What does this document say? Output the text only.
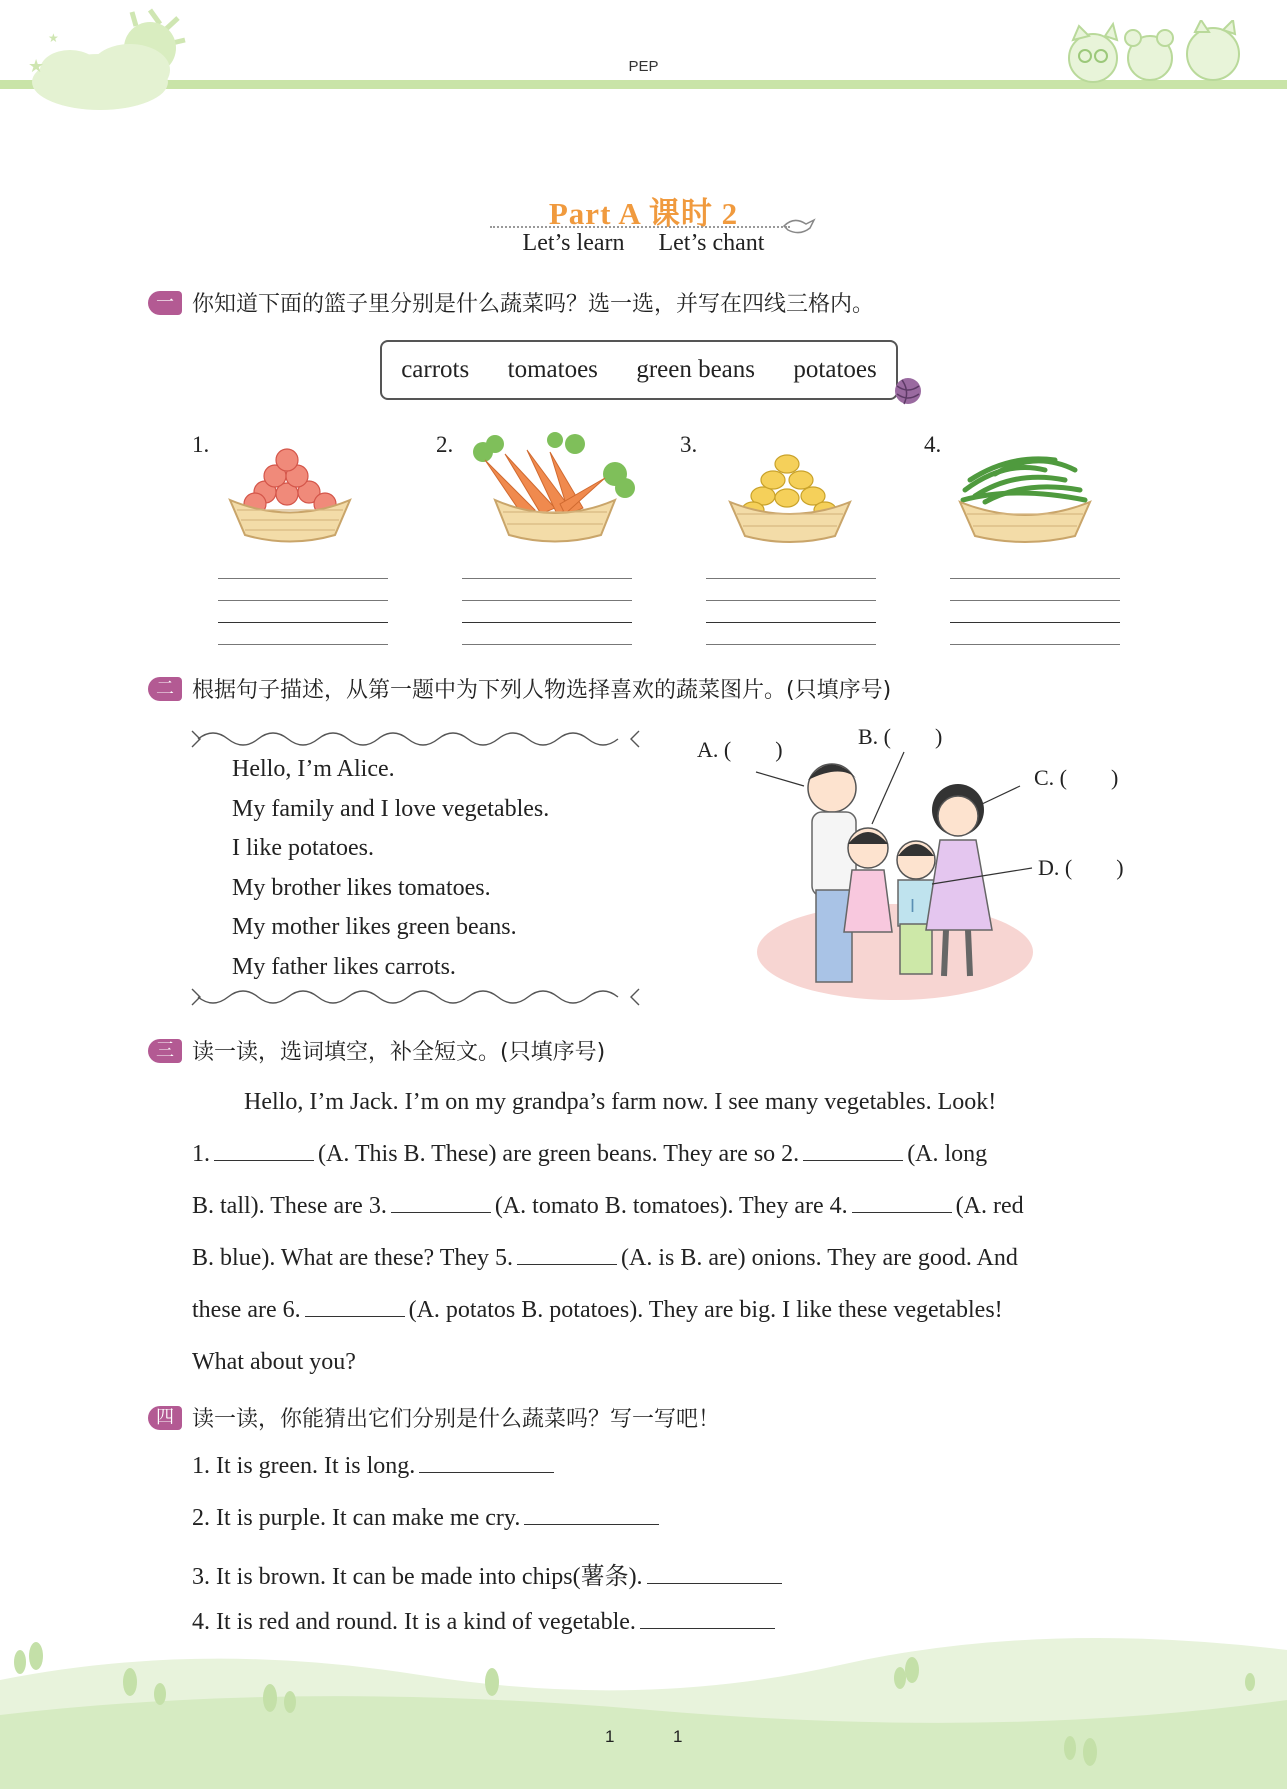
★
★
PEP
Part A 课时 2
Let’s learn Let’s chant
一 你知道下面的篮子里分别是什么蔬菜吗？选一选，并写在四线三格内。
carrots tomatoes green beans potatoes
1.	2.	3.	4.
二 根据句子描述，从第一题中为下列人物选择喜欢的蔬菜图片。(只填序号)
Hello, I’m Alice.
My family and I love vegetables.
I like potatoes.
My brother likes tomatoes.
My mother likes green beans.
My father likes carrots.
I
A. (        )
B. (        )
C. (        )
D. (        )
三 读一读，选词填空，补全短文。(只填序号)
Hello, I’m Jack. I’m on my grandpa’s farm now. I see many vegetables. Look!
1.	(A. This B. These) are green beans. They are so 2.	(A. long
B. tall). These are 3.	(A. tomato B. tomatoes). They are 4.	(A. red
B. blue). What are these? They 5.	(A. is B. are) onions. They are good. And
these are 6.	(A. potatos B. potatoes). They are big. I like these vegetables!
What about you?
四 读一读，你能猜出它们分别是什么蔬菜吗？写一写吧！
1. It is green. It is long.
2. It is purple. It can make me cry.
3. It is brown. It can be made into chips(薯条).
4. It is red and round. It is a kind of vegetable.
1	1
